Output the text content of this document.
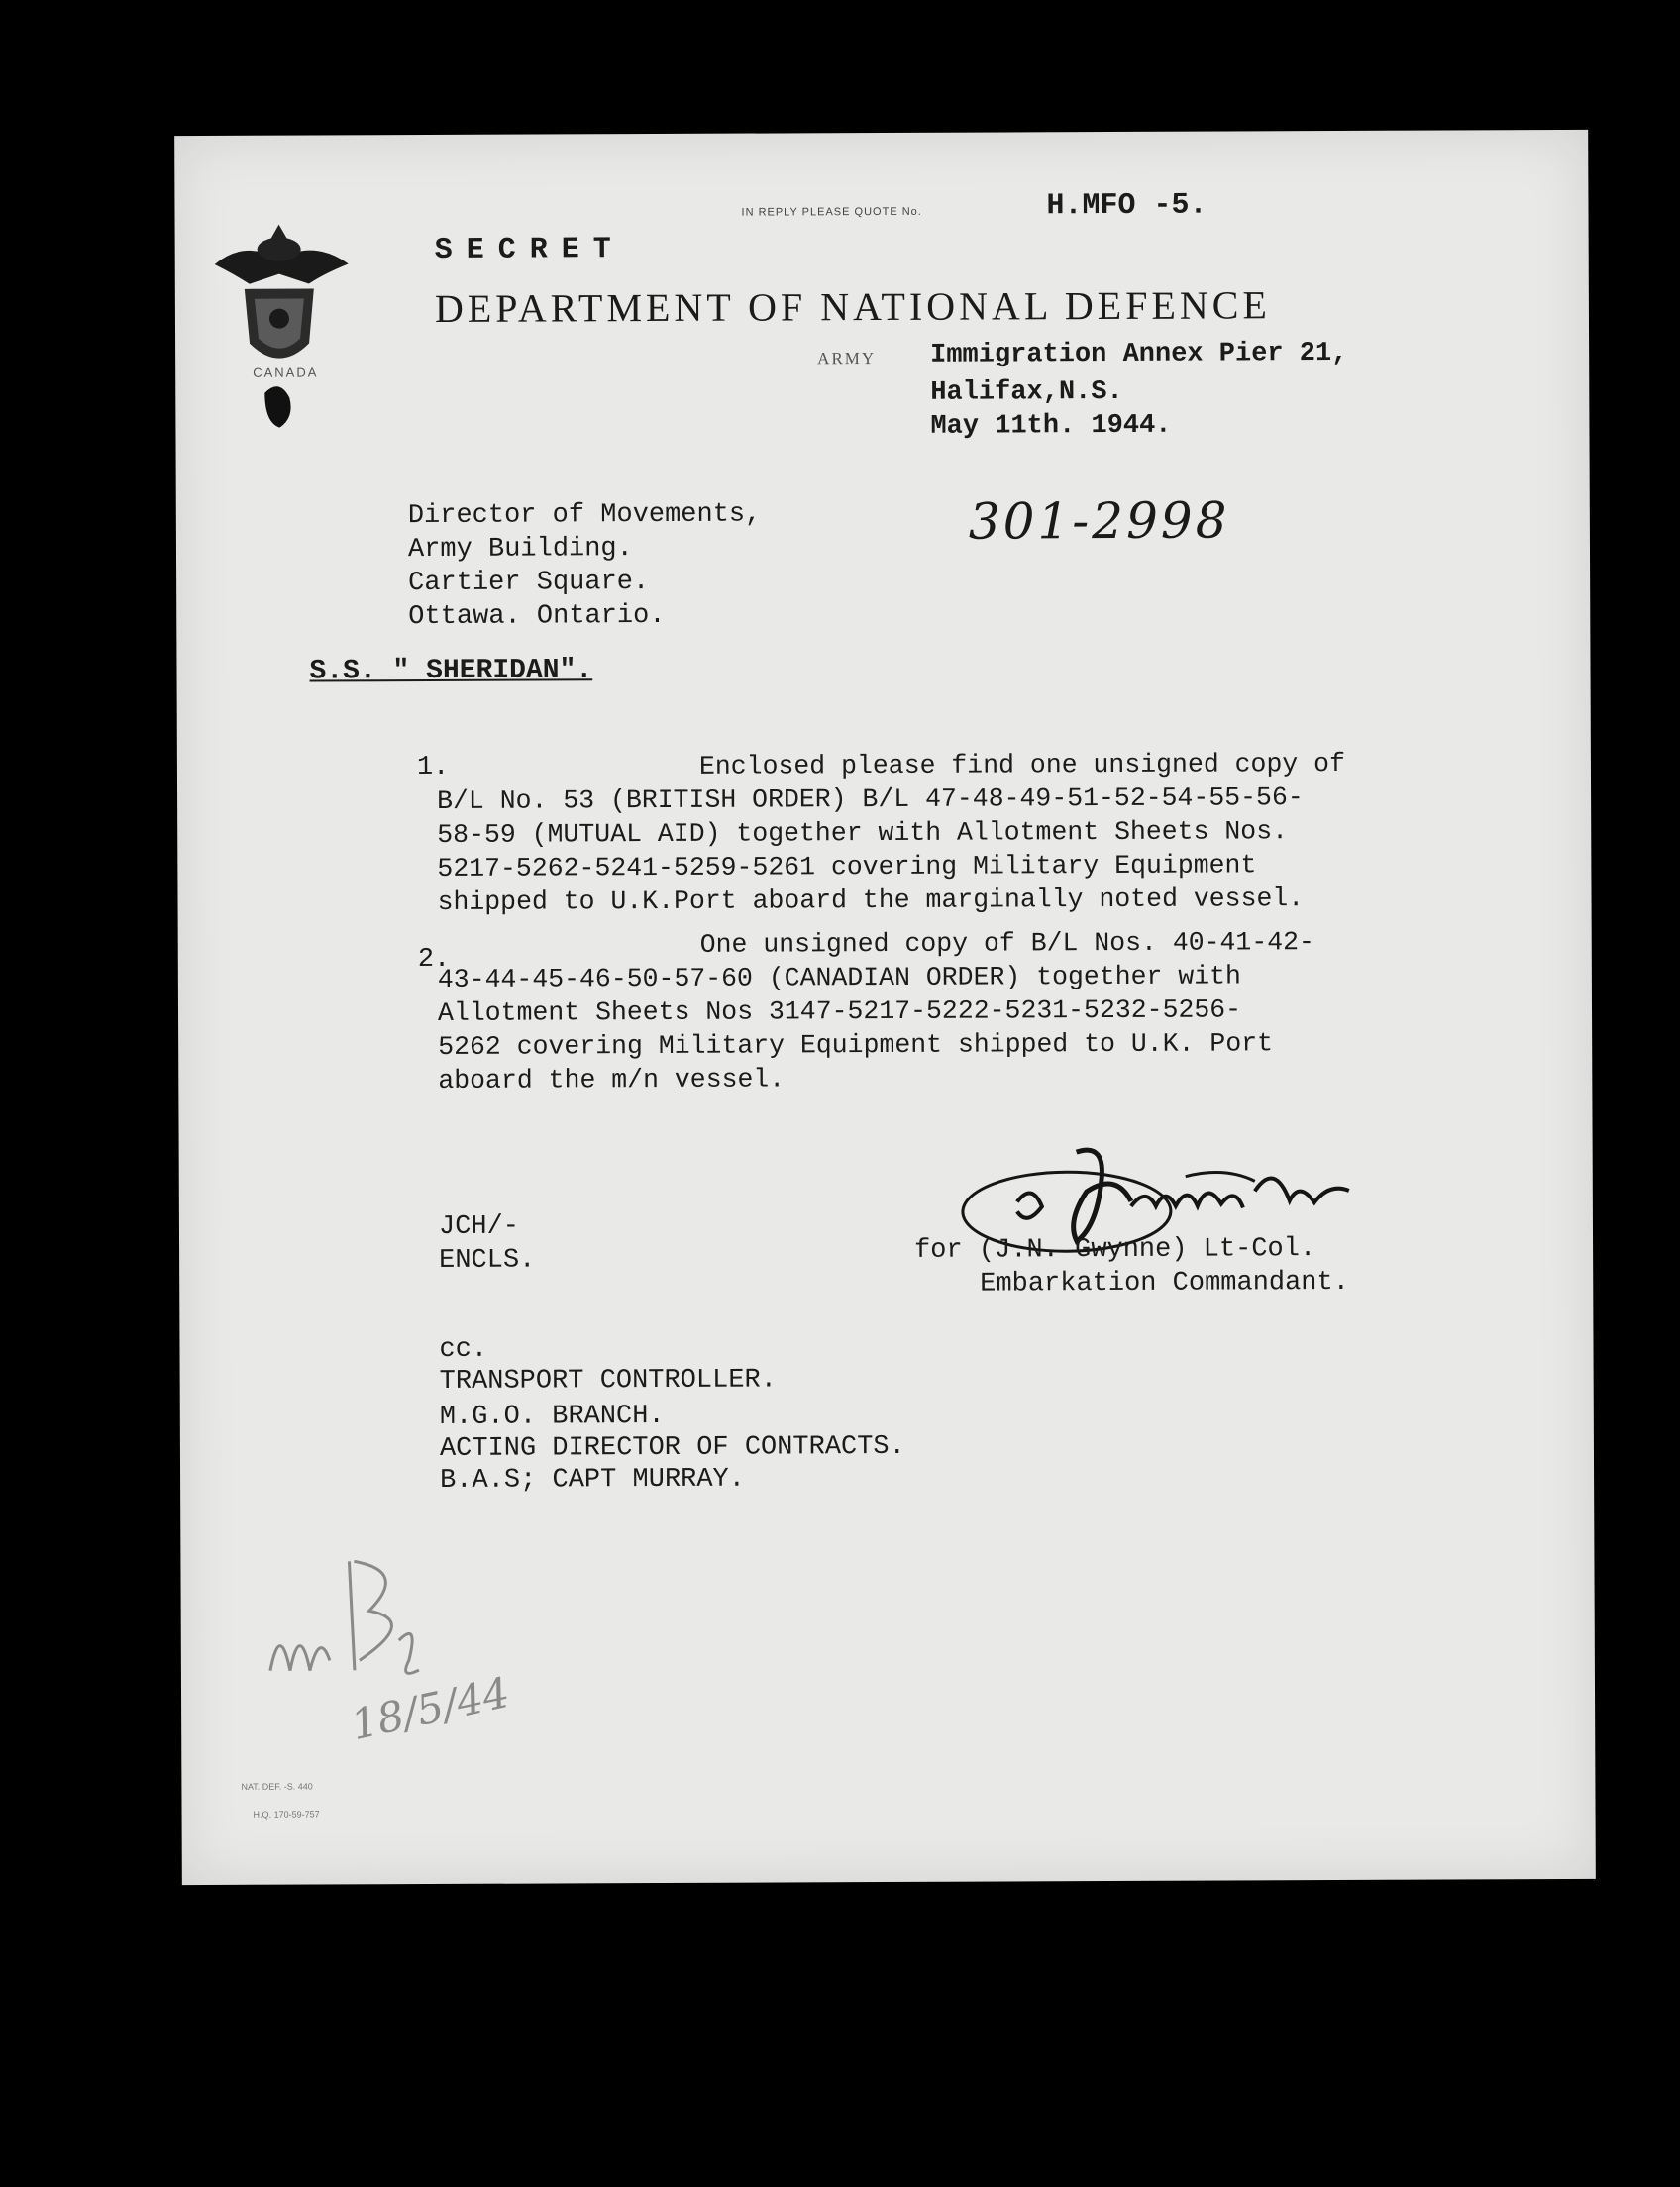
CANADA
SECRET
DEPARTMENT OF NATIONAL DEFENCE
IN REPLY PLEASE QUOTE No.	H.MFO -5.
ARMY Immigration Annex Pier 21,
Halifax,N.S.
May 11th. 1944.
301-2998
Director of Movements,
Army Building.
Cartier Square.
Ottawa. Ontario.
S.S. " SHERIDAN".
1.	Enclosed please find one unsigned copy of
B/L No. 53 (BRITISH ORDER) B/L 47-48-49-51-52-54-55-56-
58-59 (MUTUAL AID) together with Allotment Sheets Nos.
5217-5262-5241-5259-5261 covering Military Equipment
shipped to U.K.Port aboard the marginally noted vessel.
2.
One unsigned copy of B/L Nos. 40-41-42-
43-44-45-46-50-57-60 (CANADIAN ORDER) together with
Allotment Sheets Nos 3147-5217-5222-5231-5232-5256-
5262 covering Military Equipment shipped to U.K. Port
aboard the m/n vessel.
JCH/-
ENCLS.	for (J.N. Gwynne) Lt-Col.
Embarkation Commandant.
cc.
TRANSPORT CONTROLLER.
M.G.O. BRANCH.
ACTING DIRECTOR OF CONTRACTS.
B.A.S; CAPT MURRAY.
18/5/44
WB
NAT. DEF. -S. 440
H.Q. 170-59-757
